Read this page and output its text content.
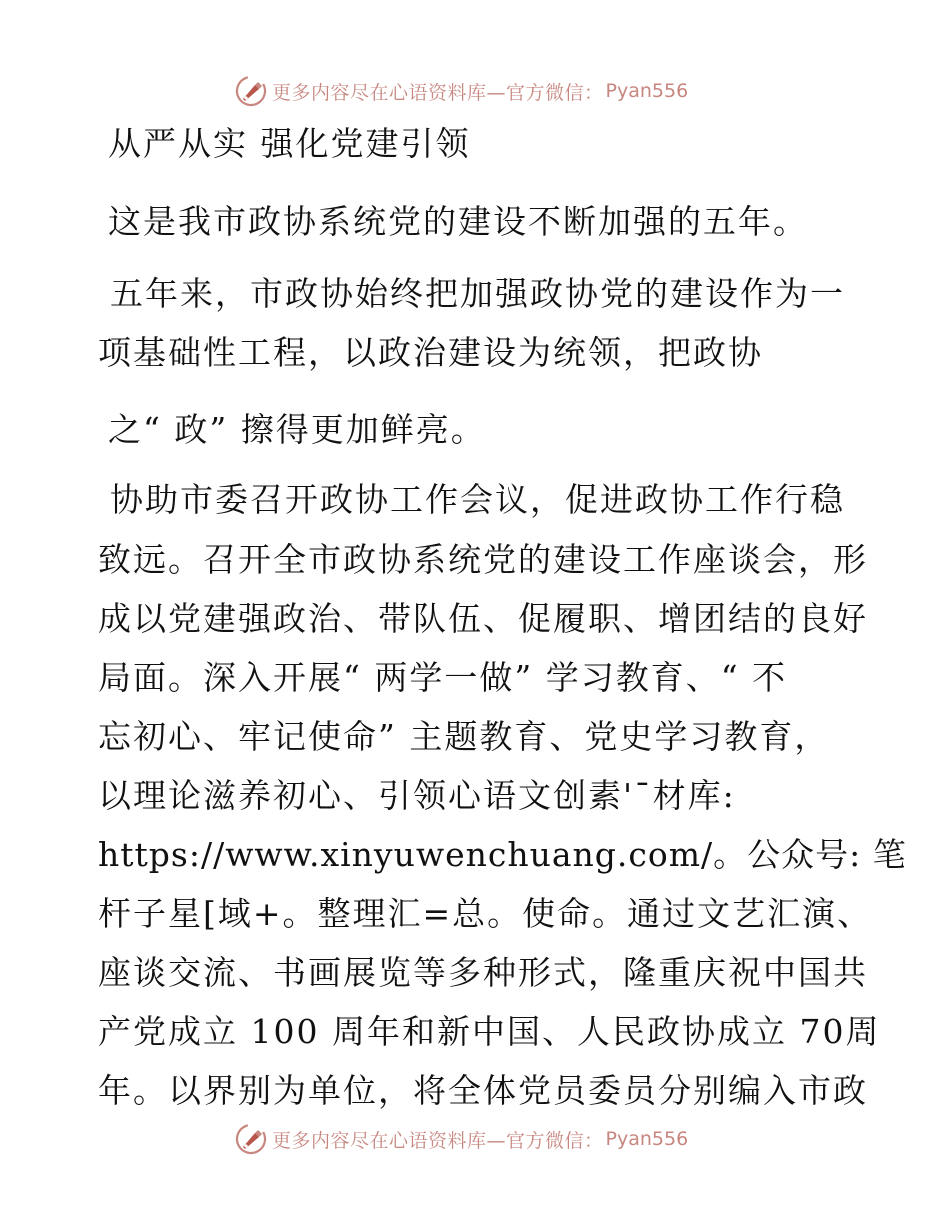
更多内容尽在心语资料库—官方微信： Pyan556
从严从实 强化党建引领
这是我市政协系统党的建设不断加强的五年。
五年来，市政协始终把加强政协党的建设作为一
项基础性工程，以政治建设为统领，把政协
之“ 政” 擦得更加鲜亮。
协助市委召开政协工作会议，促进政协工作行稳
致远。召开全市政协系统党的建设工作座谈会，形
成以党建强政治、带队伍、促履职、增团结的良好
局面。深入开展“ 两学一做” 学习教育、“ 不
忘初心、牢记使命” 主题教育、党史学习教育，
以理论滋养初心、引领心语文创素'¯材库:
https://www.xinyuwenchuang.com/。公众号: 笔
杆子星[域+。整理汇=总。使命。通过文艺汇演、
座谈交流、书画展览等多种形式，隆重庆祝中国共
产党成立 100 周年和新中国、人民政协成立 70周
年。以界别为单位，将全体党员委员分别编入市政
更多内容尽在心语资料库—官方微信： Pyan556
